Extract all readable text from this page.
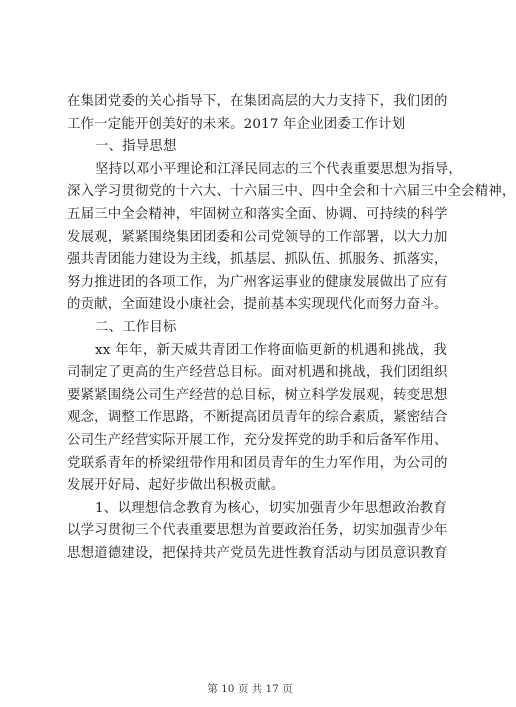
在集团党委的关心指导下，在集团高层的大力支持下，我们团的
工作一定能开创美好的未来。2017 年企业团委工作计划
一、指导思想
坚持以邓小平理论和江泽民同志的三个代表重要思想为指导，
深入学习贯彻党的十六大、十六届三中、四中全会和十六届三中全会精神，
五届三中全会精神，牢固树立和落实全面、协调、可持续的科学
发展观，紧紧围绕集团团委和公司党领导的工作部署，以大力加
强共青团能力建设为主线，抓基层、抓队伍、抓服务、抓落实，
努力推进团的各项工作，为广州客运事业的健康发展做出了应有
的贡献，全面建设小康社会，提前基本实现现代化而努力奋斗。
二、工作目标
xx 年年，新天威共青团工作将面临更新的机遇和挑战，我
司制定了更高的生产经营总目标。面对机遇和挑战，我们团组织
要紧紧围绕公司生产经营的总目标，树立科学发展观，转变思想
观念，调整工作思路，不断提高团员青年的综合素质，紧密结合
公司生产经营实际开展工作，充分发挥党的助手和后备军作用、
党联系青年的桥梁纽带作用和团员青年的生力军作用，为公司的
发展开好局、起好步做出积极贡献。
1、以理想信念教育为核心，切实加强青少年思想政治教育
以学习贯彻三个代表重要思想为首要政治任务，切实加强青少年
思想道德建设，把保持共产党员先进性教育活动与团员意识教育
第 10 页 共 17 页
